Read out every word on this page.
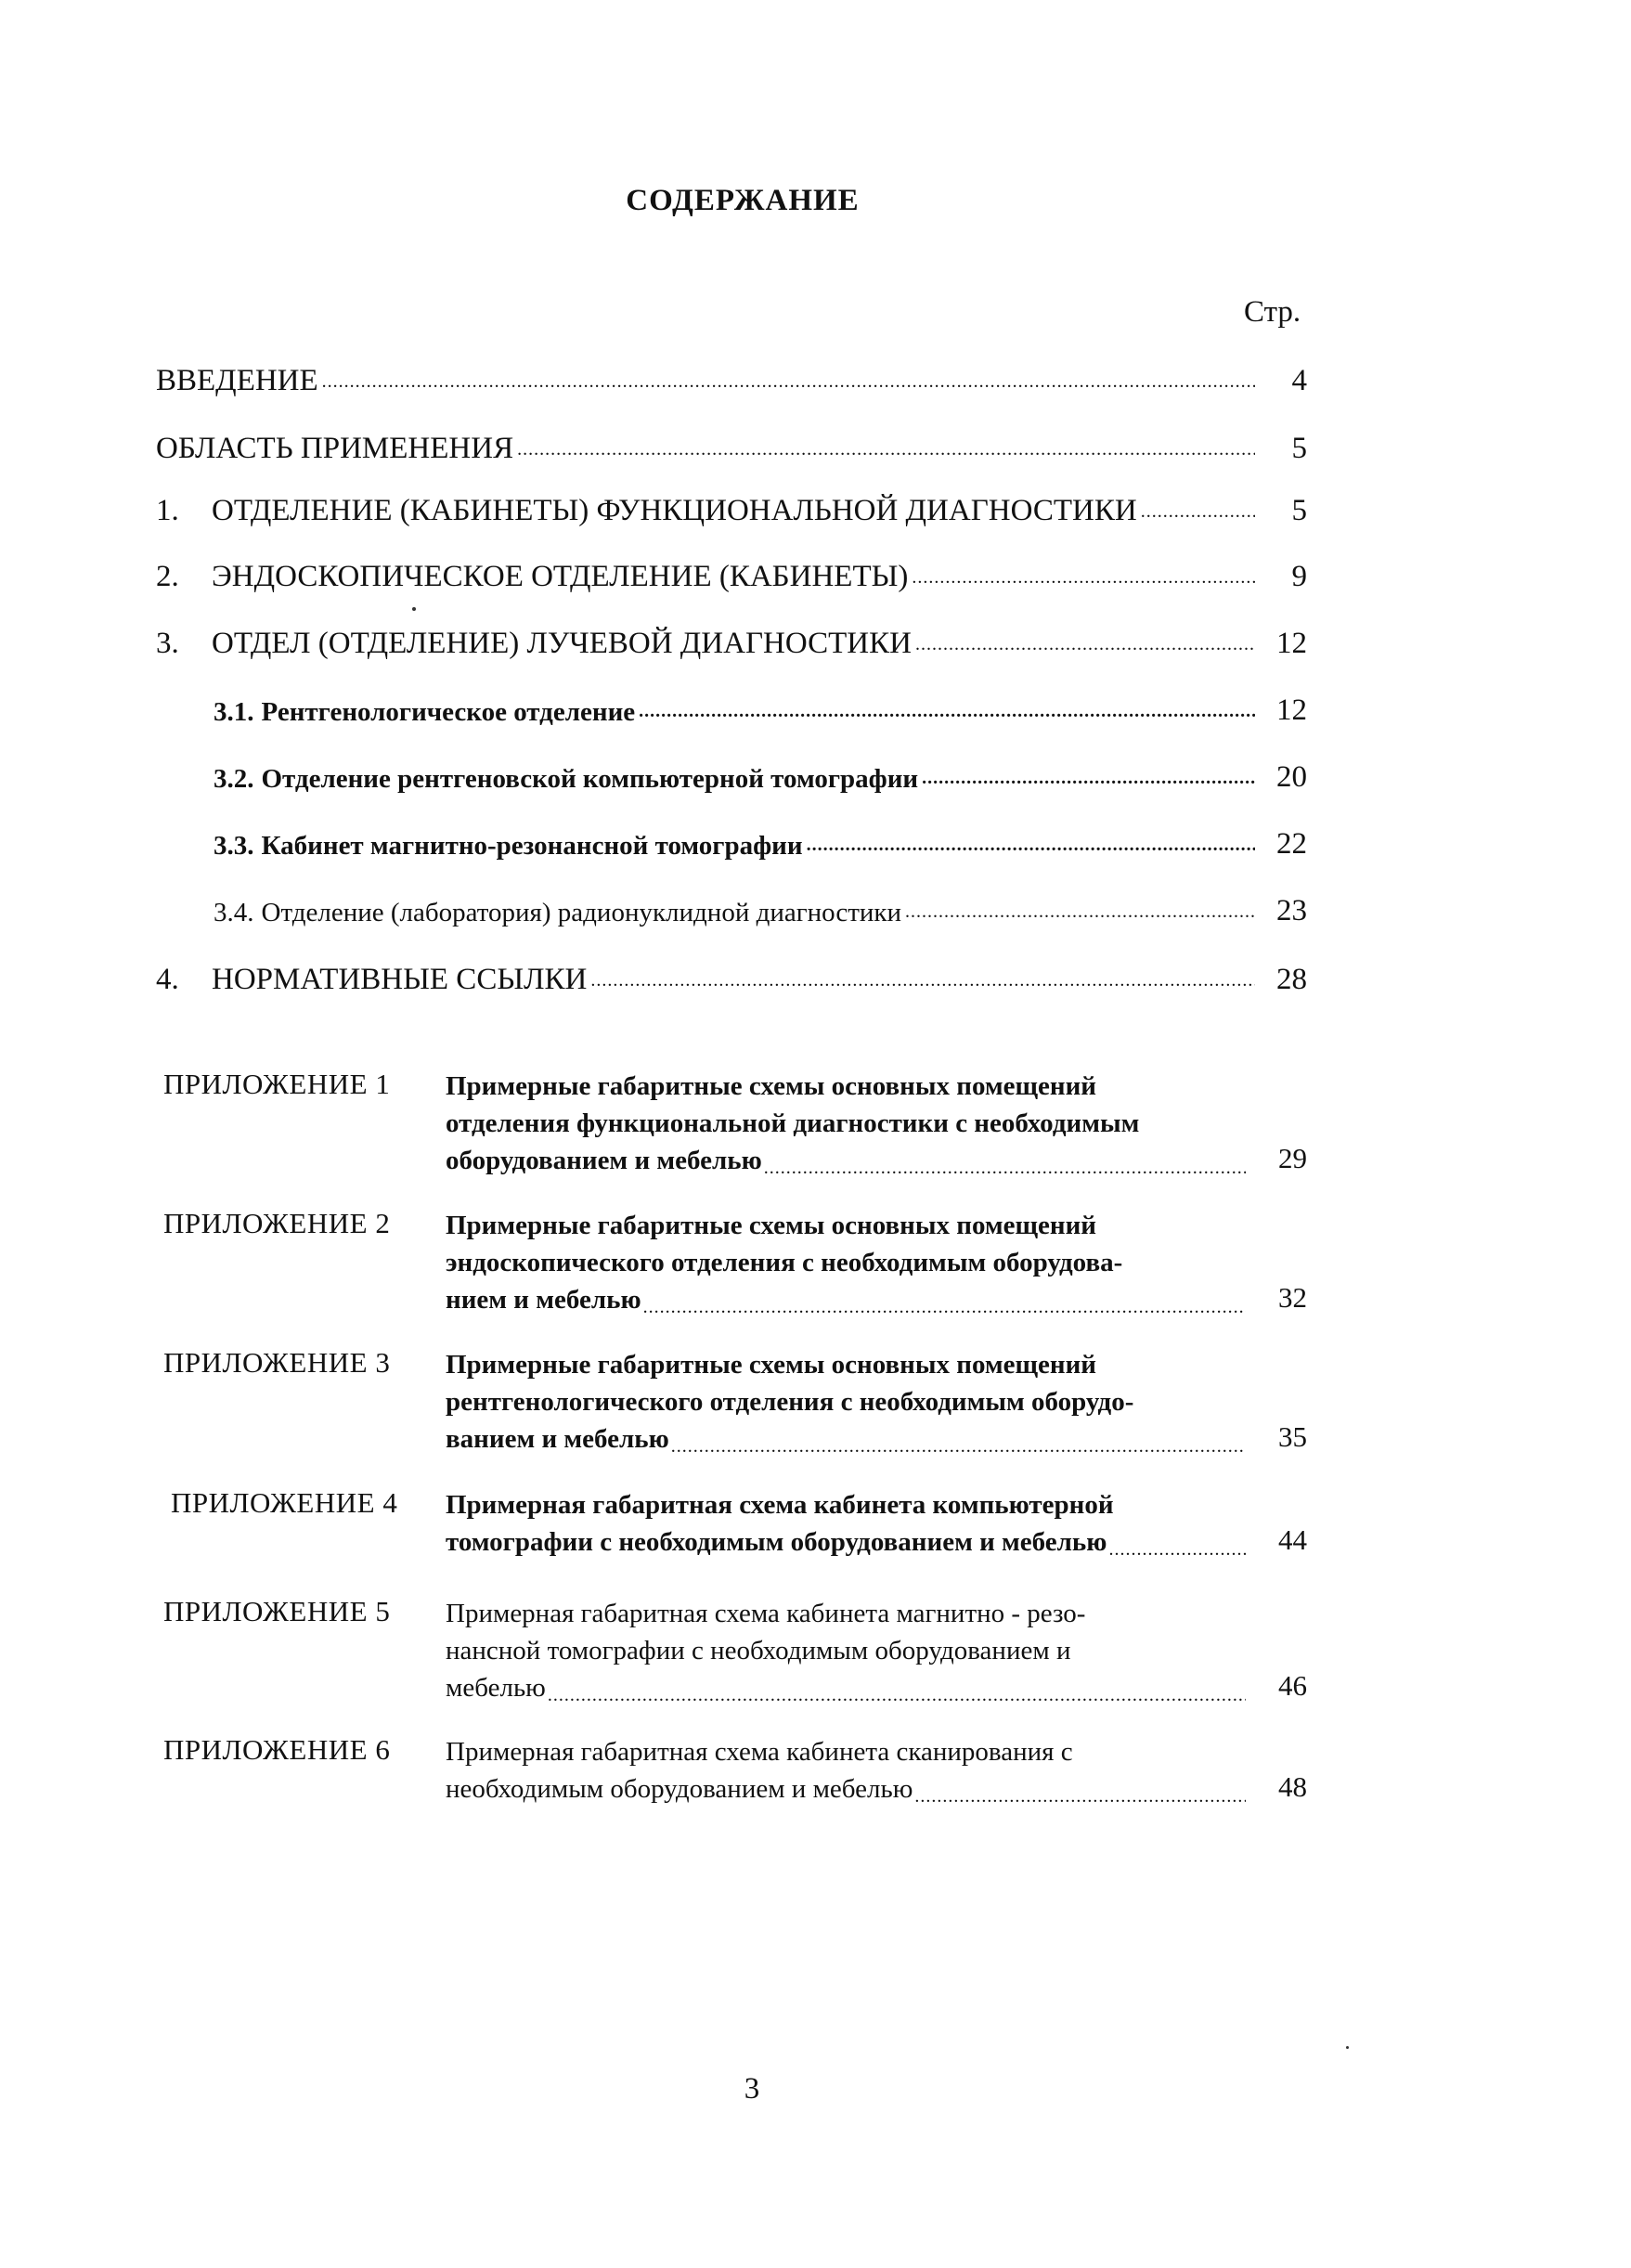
СОДЕРЖАНИЕ
Стр.
ВВЕДЕНИЕ .....	4
ОБЛАСТЬ ПРИМЕНЕНИЯ .....	5
1.	ОТДЕЛЕНИЕ (КАБИНЕТЫ) ФУНКЦИОНАЛЬНОЙ ДИАГНОСТИКИ .....	5
2.	ЭНДОСКОПИЧЕСКОЕ ОТДЕЛЕНИЕ (КАБИНЕТЫ) .....	9
3.	ОТДЕЛ (ОТДЕЛЕНИЕ) ЛУЧЕВОЙ ДИАГНОСТИКИ .....	12
3.1. Рентгенологическое отделение .....	12
3.2. Отделение рентгеновской компьютерной томографии .....	20
3.3. Кабинет магнитно-резонансной томографии .....	22
3.4. Отделение (лаборатория) радионуклидной диагностики .....	23
4.	НОРМАТИВНЫЕ ССЫЛКИ .....	28
ПРИЛОЖЕНИЕ 1 Примерные габаритные схемы основных помещений
отделения функциональной диагностики с необходимым
оборудованием и мебелью .....	29
ПРИЛОЖЕНИЕ 2 Примерные габаритные схемы основных помещений
эндоскопического отделения с необходимым оборудова-
нием и мебелью .....	32
ПРИЛОЖЕНИЕ 3 Примерные габаритные схемы основных помещений
рентгенологического отделения с необходимым оборудо-
ванием и мебелью .....	35
ПРИЛОЖЕНИЕ 4 Примерная габаритная схема кабинета компьютерной
томографии с необходимым оборудованием и мебелью .....	44
ПРИЛОЖЕНИЕ 5 Примерная габаритная схема кабинета магнитно - резо-
нансной томографии с необходимым оборудованием и
мебелью .....	46
ПРИЛОЖЕНИЕ 6 Примерная габаритная схема кабинета сканирования с
необходимым оборудованием и мебелью .....	48
3
